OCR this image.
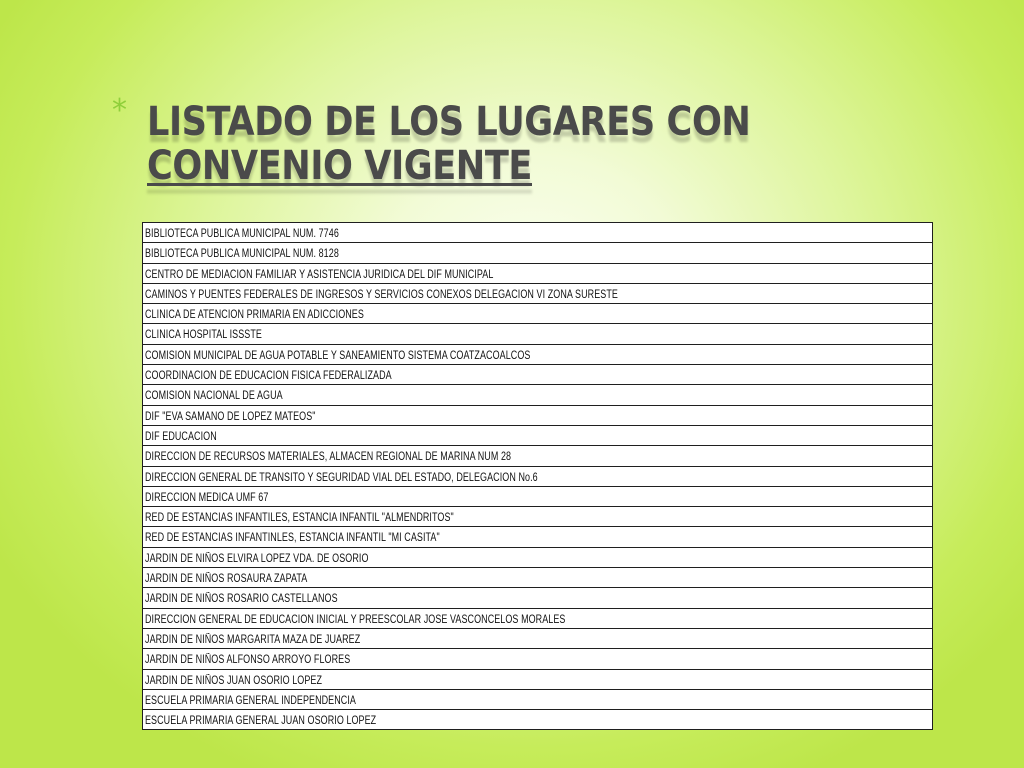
* LISTADO DE LOS LUGARES CON
CONVENIO VIGENTE
BIBLIOTECA PUBLICA MUNICIPAL NUM. 7746
BIBLIOTECA PUBLICA MUNICIPAL NUM. 8128
CENTRO DE MEDIACION FAMILIAR Y ASISTENCIA JURIDICA DEL DIF MUNICIPAL
CAMINOS Y PUENTES FEDERALES DE INGRESOS Y SERVICIOS CONEXOS DELEGACION VI ZONA SURESTE
CLINICA DE ATENCION PRIMARIA EN ADICCIONES
CLINICA HOSPITAL ISSSTE
COMISION MUNICIPAL DE AGUA POTABLE Y SANEAMIENTO SISTEMA COATZACOALCOS
COORDINACION DE EDUCACION FISICA FEDERALIZADA
COMISION NACIONAL DE AGUA
DIF "EVA SAMANO DE LOPEZ MATEOS"
DIF EDUCACION
DIRECCION DE RECURSOS MATERIALES, ALMACEN REGIONAL DE MARINA NUM 28
DIRECCION GENERAL DE TRANSITO Y SEGURIDAD VIAL DEL ESTADO, DELEGACION No.6
DIRECCION MEDICA UMF 67
RED DE ESTANCIAS INFANTILES, ESTANCIA INFANTIL "ALMENDRITOS"
RED DE ESTANCIAS INFANTINLES, ESTANCIA INFANTIL "MI CASITA"
JARDIN DE NIÑOS ELVIRA LOPEZ VDA. DE OSORIO
JARDIN DE NIÑOS ROSAURA ZAPATA
JARDIN DE NIÑOS ROSARIO CASTELLANOS
DIRECCION GENERAL DE EDUCACION INICIAL Y PREESCOLAR JOSE VASCONCELOS MORALES
JARDIN DE NIÑOS MARGARITA MAZA DE JUAREZ
JARDIN DE NIÑOS ALFONSO ARROYO FLORES
JARDIN DE NIÑOS JUAN OSORIO LOPEZ
ESCUELA PRIMARIA GENERAL INDEPENDENCIA
ESCUELA PRIMARIA GENERAL JUAN OSORIO LOPEZ
